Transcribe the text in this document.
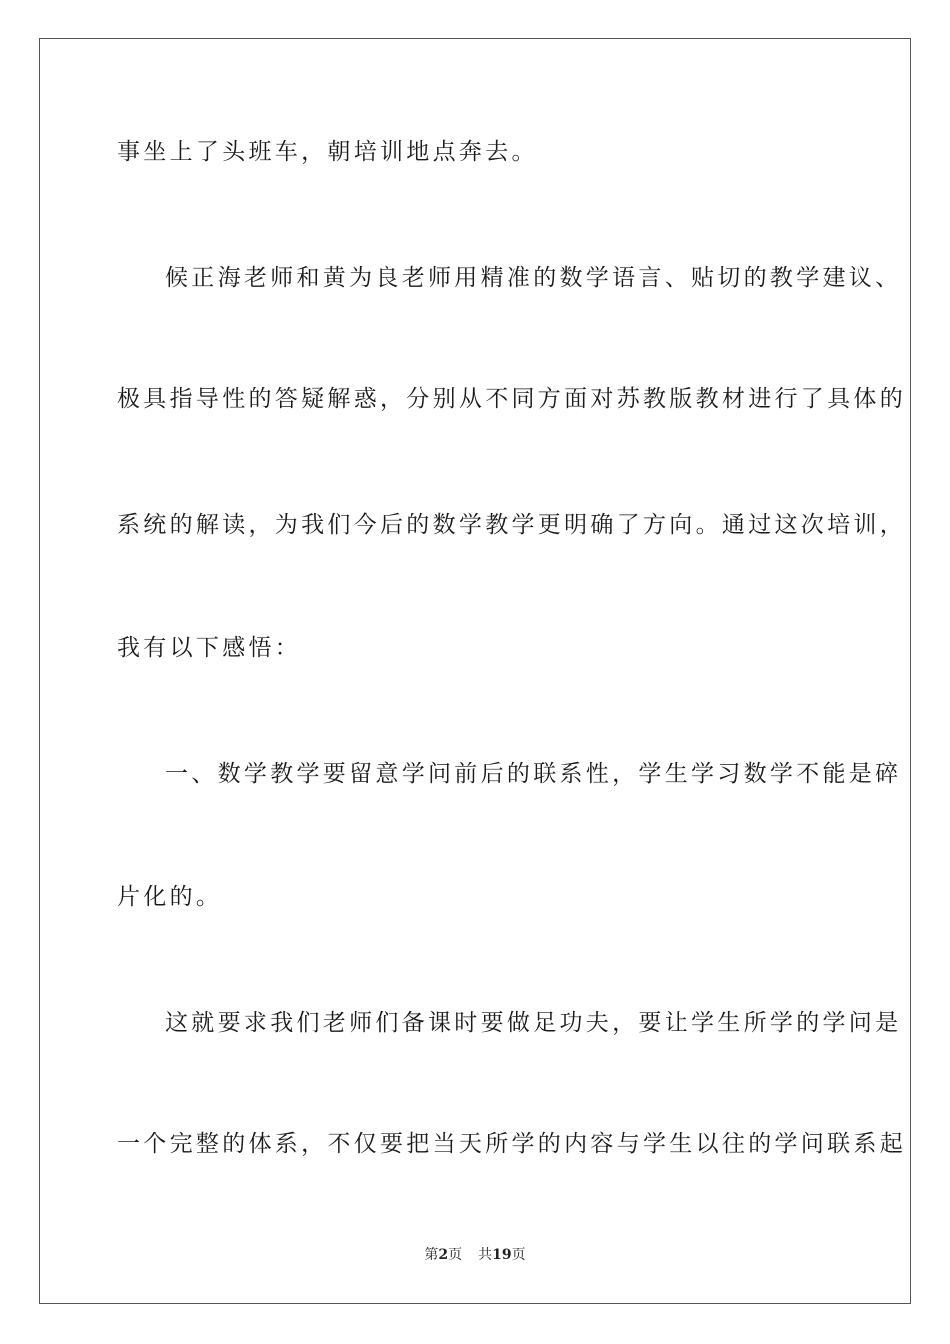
事坐上了头班车，朝培训地点奔去。
候正海老师和黄为良老师用精准的数学语言、贴切的教学建议、
极具指导性的答疑解惑，分别从不同方面对苏教版教材进行了具体的
系统的解读，为我们今后的数学教学更明确了方向。通过这次培训，
我有以下感悟：
一、数学教学要留意学问前后的联系性，学生学习数学不能是碎
片化的。
这就要求我们老师们备课时要做足功夫，要让学生所学的学问是
一个完整的体系，不仅要把当天所学的内容与学生以往的学问联系起
第2页 共19页
